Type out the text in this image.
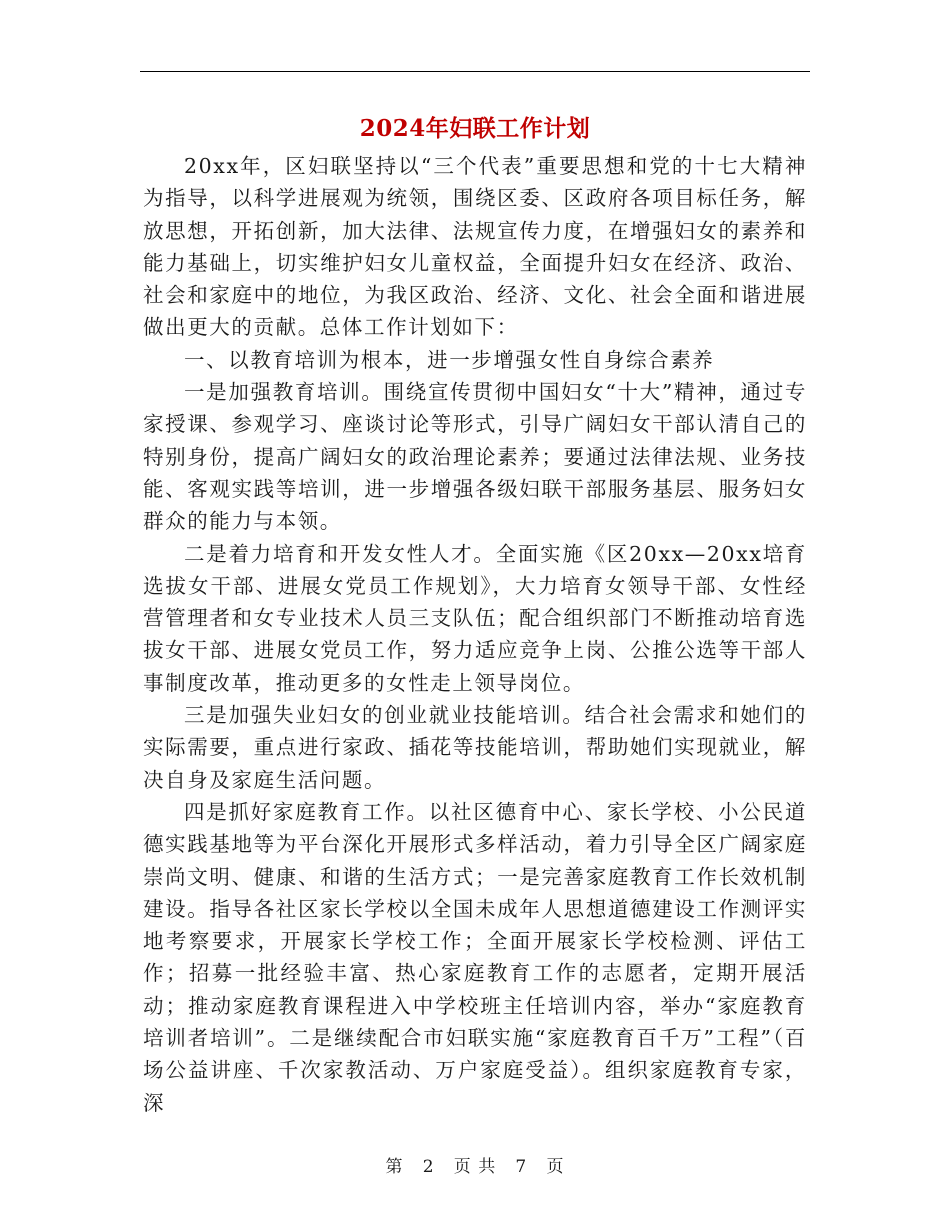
2024年妇联工作计划

20xx年，区妇联坚持以“三个代表”重要思想和党的十七大精神为指导，以科学进展观为统领，围绕区委、区政府各项目标任务，解放思想，开拓创新，加大法律、法规宣传力度，在增强妇女的素养和能力基础上，切实维护妇女儿童权益，全面提升妇女在经济、政治、社会和家庭中的地位，为我区政治、经济、文化、社会全面和谐进展做出更大的贡献。总体工作计划如下：

一、以教育培训为根本，进一步增强女性自身综合素养

一是加强教育培训。围绕宣传贯彻中国妇女“十大”精神，通过专家授课、参观学习、座谈讨论等形式，引导广阔妇女干部认清自己的特别身份，提高广阔妇女的政治理论素养；要通过法律法规、业务技能、客观实践等培训，进一步增强各级妇联干部服务基层、服务妇女群众的能力与本领。

二是着力培育和开发女性人才。全面实施《区20xx—20xx培育选拔女干部、进展女党员工作规划》，大力培育女领导干部、女性经营管理者和女专业技术人员三支队伍；配合组织部门不断推动培育选拔女干部、进展女党员工作，努力适应竞争上岗、公推公选等干部人事制度改革，推动更多的女性走上领导岗位。

三是加强失业妇女的创业就业技能培训。结合社会需求和她们的实际需要，重点进行家政、插花等技能培训，帮助她们实现就业，解决自身及家庭生活问题。

四是抓好家庭教育工作。以社区德育中心、家长学校、小公民道德实践基地等为平台深化开展形式多样活动，着力引导全区广阔家庭崇尚文明、健康、和谐的生活方式；一是完善家庭教育工作长效机制建设。指导各社区家长学校以全国未成年人思想道德建设工作测评实地考察要求，开展家长学校工作；全面开展家长学校检测、评估工作；招募一批经验丰富、热心家庭教育工作的志愿者，定期开展活动；推动家庭教育课程进入中学校班主任培训内容，举办“家庭教育培训者培训”。二是继续配合市妇联实施“家庭教育百千万”工程”（百场公益讲座、千次家教活动、万户家庭受益）。组织家庭教育专家，深

第 2 页 共 7 页
